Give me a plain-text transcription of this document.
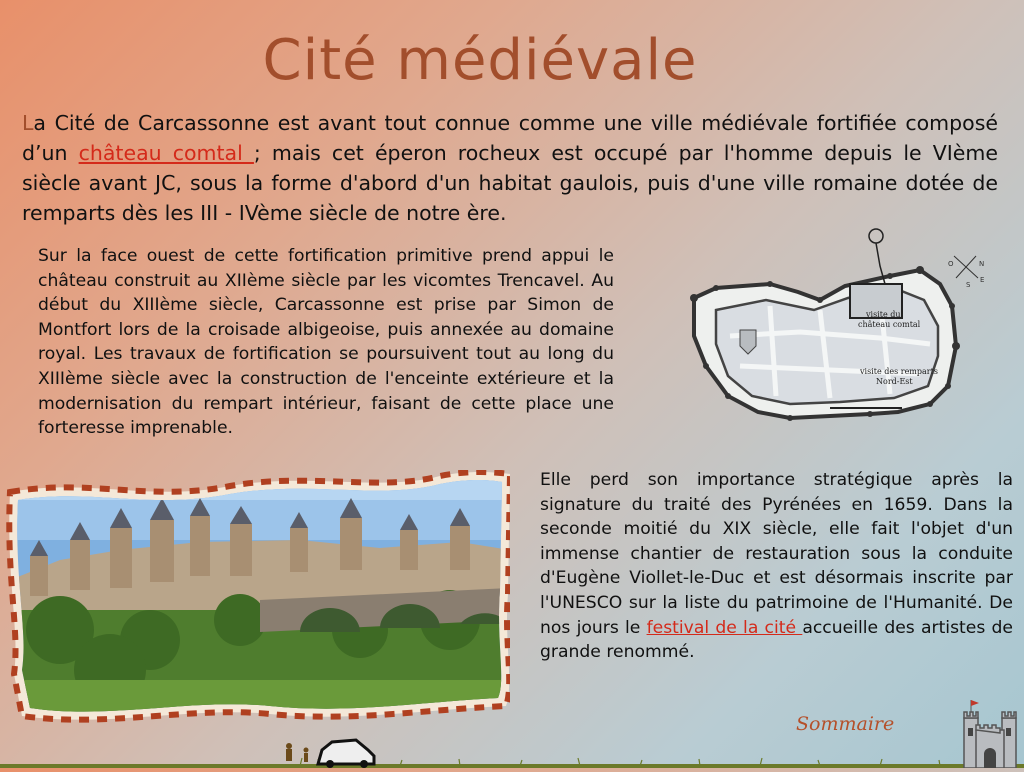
Cité médiévale
La Cité de Carcassonne est avant tout connue comme une ville médiévale fortifiée composé d’un château comtal ; mais cet éperon rocheux est occupé par l'homme depuis le VIème siècle avant JC, sous la forme d'abord d'un habitat gaulois, puis d'une ville romaine dotée de remparts dès les III - IVème siècle de notre ère.
Sur la face ouest de cette fortification primitive prend appui le château construit au XIIème siècle par les vicomtes Trencavel. Au début du XIIIème siècle, Carcassonne est prise par Simon de Montfort lors de la croisade albigeoise, puis annexée au domaine royal. Les travaux de fortification se poursuivent tout au long du XIIIème siècle avec la construction de l'enceinte extérieure et la modernisation du rempart intérieur, faisant de cette place une forteresse imprenable.
visite du
château comtal
visite des remparts
Nord-Est
N
O
S
E
Elle perd son importance stratégique après la signature du traité des Pyrénées en 1659. Dans la seconde moitié du XIX siècle, elle fait l'objet d'un immense chantier de restauration sous la conduite d'Eugène Viollet-le-Duc et est désormais inscrite par l'UNESCO sur la liste du patrimoine de l'Humanité. De nos jours le festival de la cité accueille des artistes de grande renommé.
Sommaire
